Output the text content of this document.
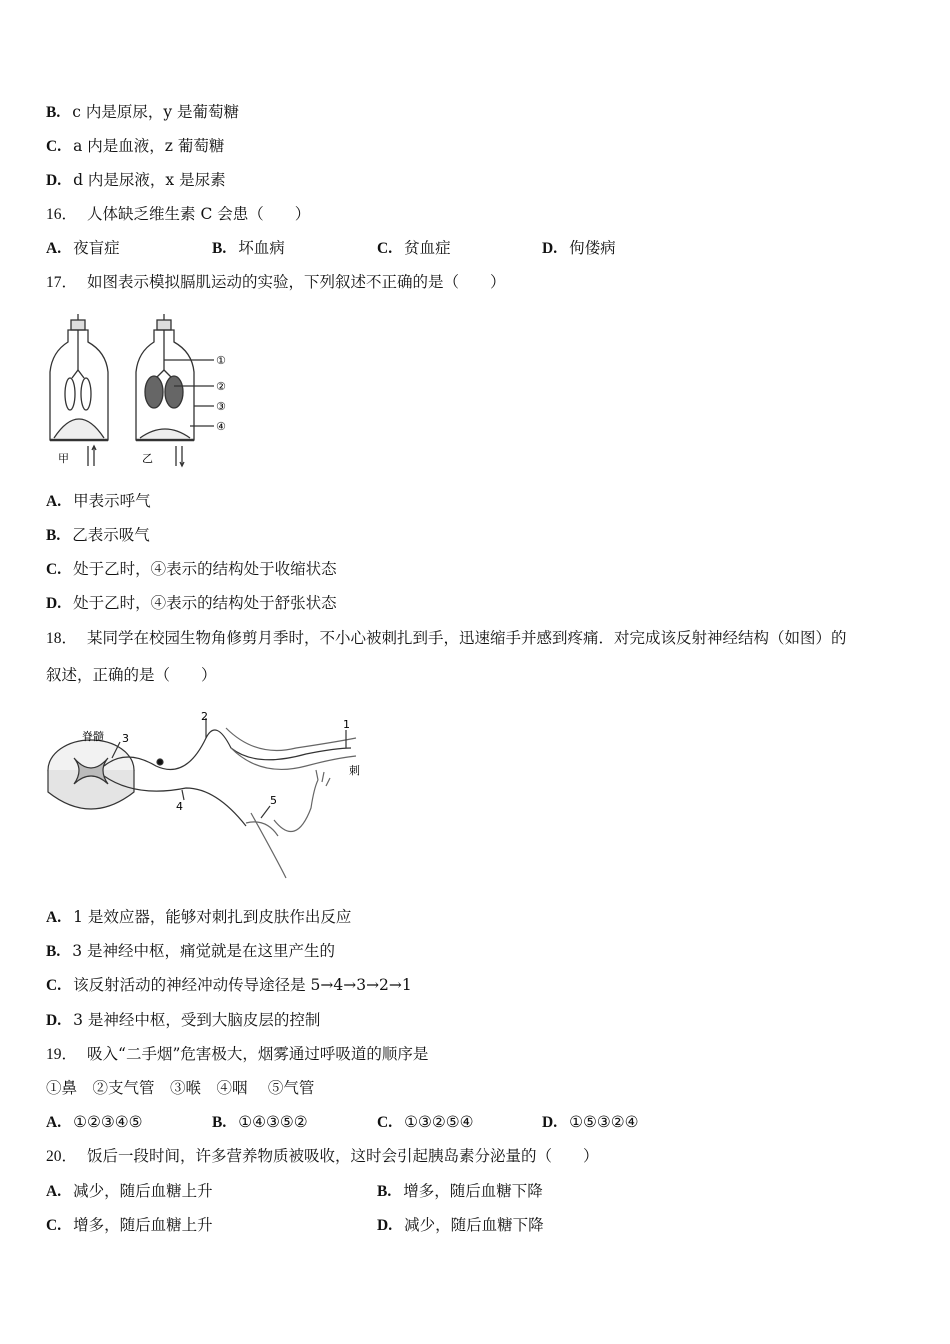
B. c 内是原尿，y 是葡萄糖
C. a 内是血液，z 葡萄糖
D. d 内是尿液，x 是尿素
16． 人体缺乏维生素 C 会患（　　）
A. 夜盲症	B. 坏血病	C. 贫血症	D. 佝偻病
17． 如图表示模拟膈肌运动的实验，下列叙述不正确的是（　　）
甲	乙
①
②
③
④
A. 甲表示呼气
B. 乙表示吸气
C. 处于乙时，④表示的结构处于收缩状态
D. 处于乙时，④表示的结构处于舒张状态
18． 某同学在校园生物角修剪月季时，不小心被刺扎到手，迅速缩手并感到疼痛．对完成该反射神经结构（如图）的
叙述，正确的是（　　）
脊髓 3
2
1
刺
4	5
A. 1 是效应器，能够对刺扎到皮肤作出反应
B. 3 是神经中枢，痛觉就是在这里产生的
C. 该反射活动的神经冲动传导途径是 5→4→3→2→1
D. 3 是神经中枢，受到大脑皮层的控制
19． 吸入“二手烟”危害极大，烟雾通过呼吸道的顺序是
①鼻　②支气管　③喉　④咽　 ⑤气管
A. ①②③④⑤	B. ①④③⑤②	C. ①③②⑤④	D. ①⑤③②④
20． 饭后一段时间，许多营养物质被吸收，这时会引起胰岛素分泌量的（　　）
A. 减少，随后血糖上升	B. 增多，随后血糖下降
C. 增多，随后血糖上升	D. 减少，随后血糖下降
